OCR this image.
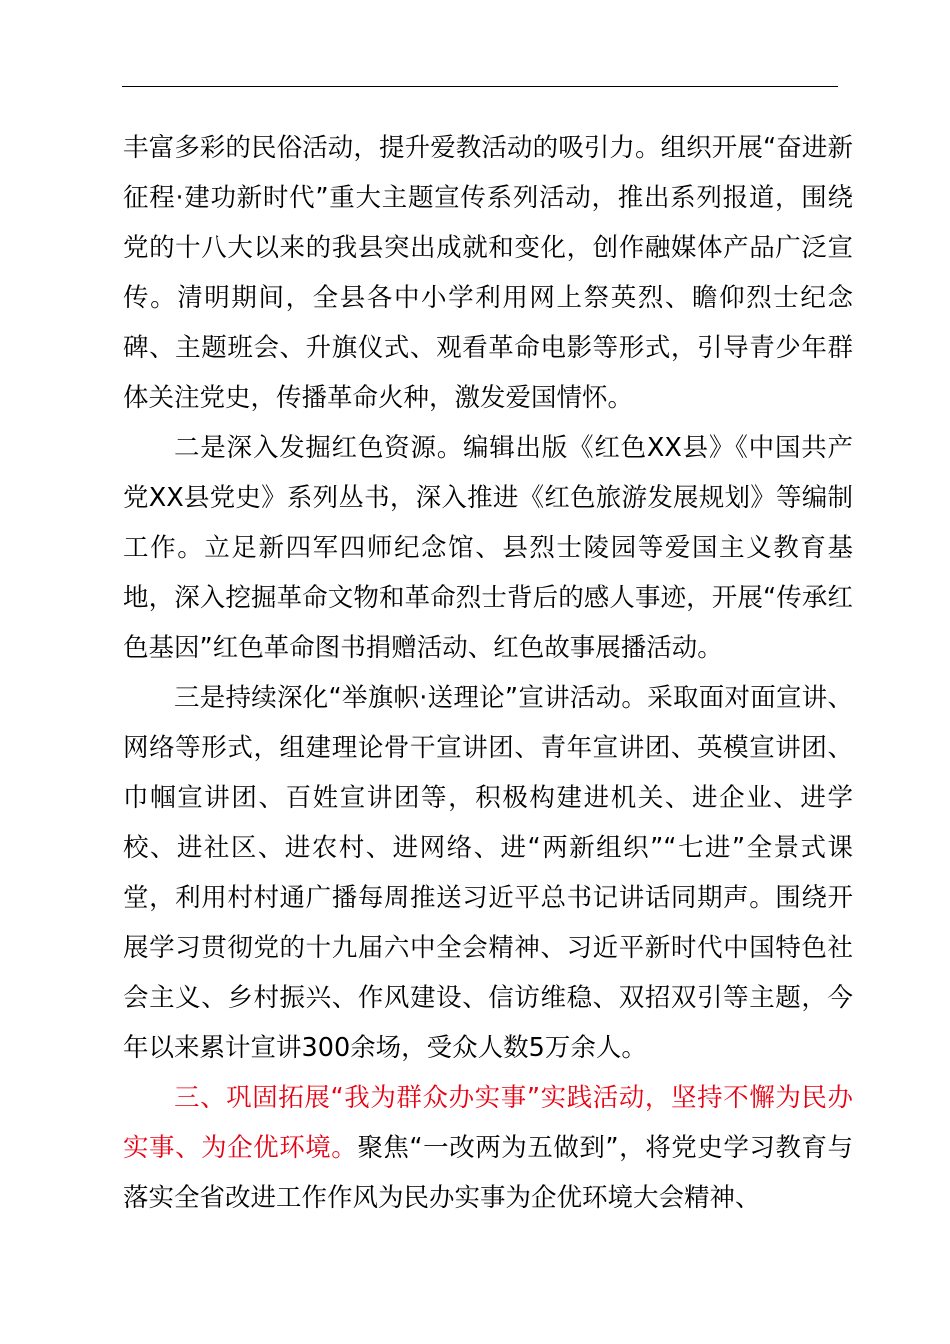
丰富多彩的民俗活动，提升爱教活动的吸引力。组织开展“奋进新征程·建功新时代”重大主题宣传系列活动，推出系列报道，围绕党的十八大以来的我县突出成就和变化，创作融媒体产品广泛宣传。清明期间，全县各中小学利用网上祭英烈、瞻仰烈士纪念碑、主题班会、升旗仪式、观看革命电影等形式，引导青少年群体关注党史，传播革命火种，激发爱国情怀。

二是深入发掘红色资源。编辑出版《红色XX县》《中国共产党XX县党史》系列丛书，深入推进《红色旅游发展规划》等编制工作。立足新四军四师纪念馆、县烈士陵园等爱国主义教育基地，深入挖掘革命文物和革命烈士背后的感人事迹，开展“传承红色基因”红色革命图书捐赠活动、红色故事展播活动。

三是持续深化“举旗帜·送理论”宣讲活动。采取面对面宣讲、网络等形式，组建理论骨干宣讲团、青年宣讲团、英模宣讲团、巾帼宣讲团、百姓宣讲团等，积极构建进机关、进企业、进学校、进社区、进农村、进网络、进“两新组织”“七进”全景式课堂，利用村村通广播每周推送习近平总书记讲话同期声。围绕开展学习贯彻党的十九届六中全会精神、习近平新时代中国特色社会主义、乡村振兴、作风建设、信访维稳、双招双引等主题，今年以来累计宣讲300余场，受众人数5万余人。

三、巩固拓展“我为群众办实事”实践活动，坚持不懈为民办实事、为企优环境。聚焦“一改两为五做到”，将党史学习教育与落实全省改进工作作风为民办实事为企优环境大会精神、
